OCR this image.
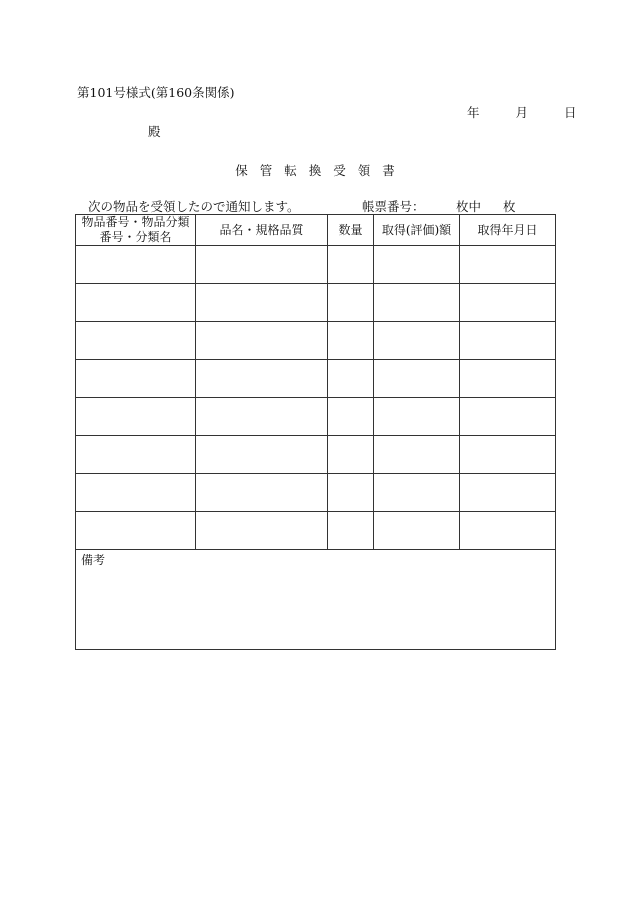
第101号様式(第160条関係)
年	月	日
殿
保 管 転 換 受 領 書
次の物品を受領したので通知します。	帳票番号：	枚中 枚
物品番号・物品分類
番号・分類名	品名・規格品質	数量	取得(評価)額	取得年月日

備考				
